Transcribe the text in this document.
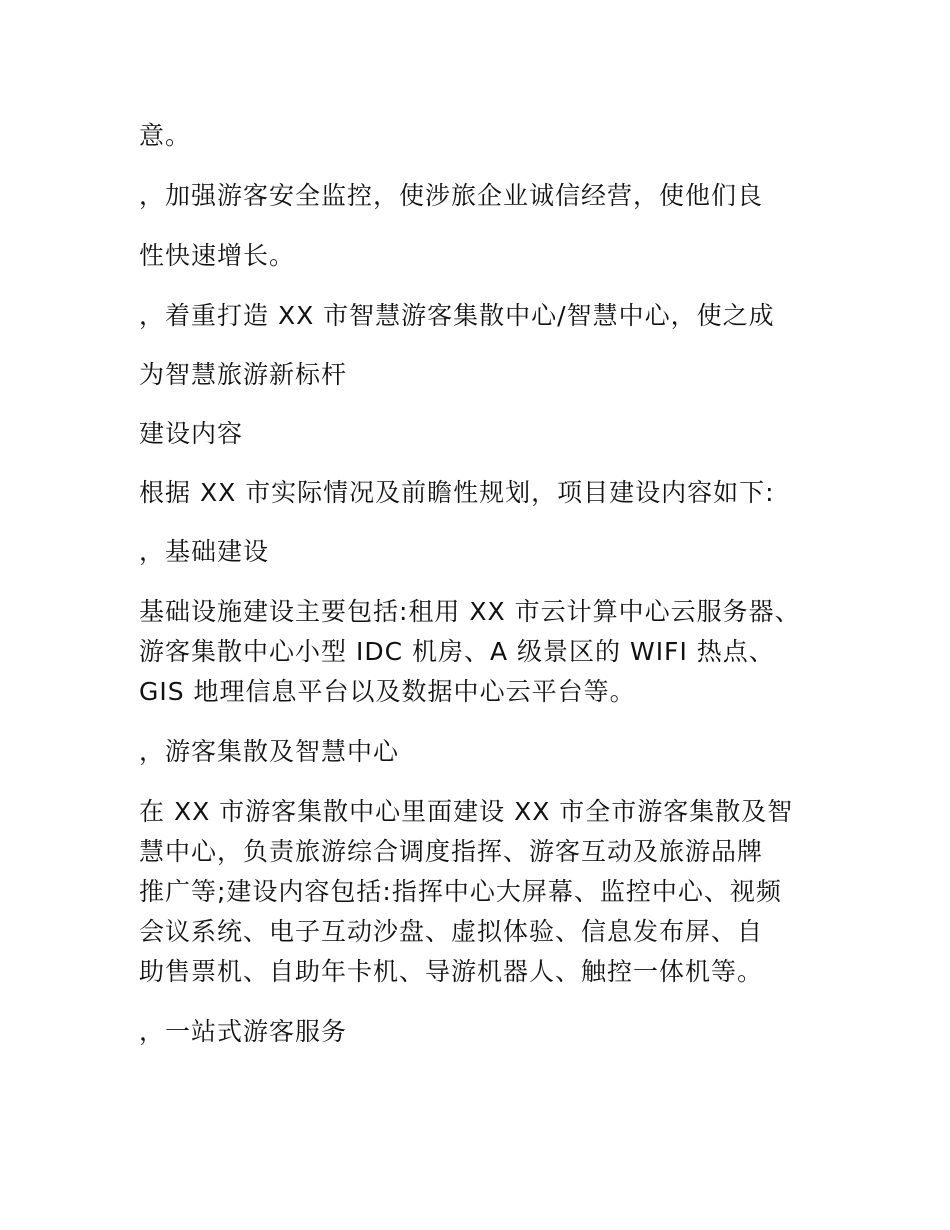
意。
，加强游客安全监控，使涉旅企业诚信经营，使他们良
性快速增长。
，着重打造 XX 市智慧游客集散中心/智慧中心，使之成
为智慧旅游新标杆
建设内容
根据 XX 市实际情况及前瞻性规划，项目建设内容如下:
，基础建设
基础设施建设主要包括:租用 XX 市云计算中心云服务器、
游客集散中心小型 IDC 机房、A 级景区的 WIFI 热点、
GIS 地理信息平台以及数据中心云平台等。
，游客集散及智慧中心
在 XX 市游客集散中心里面建设 XX 市全市游客集散及智
慧中心，负责旅游综合调度指挥、游客互动及旅游品牌
推广等;建设内容包括:指挥中心大屏幕、监控中心、视频
会议系统、电子互动沙盘、虚拟体验、信息发布屏、自
助售票机、自助年卡机、导游机器人、触控一体机等。
，一站式游客服务
